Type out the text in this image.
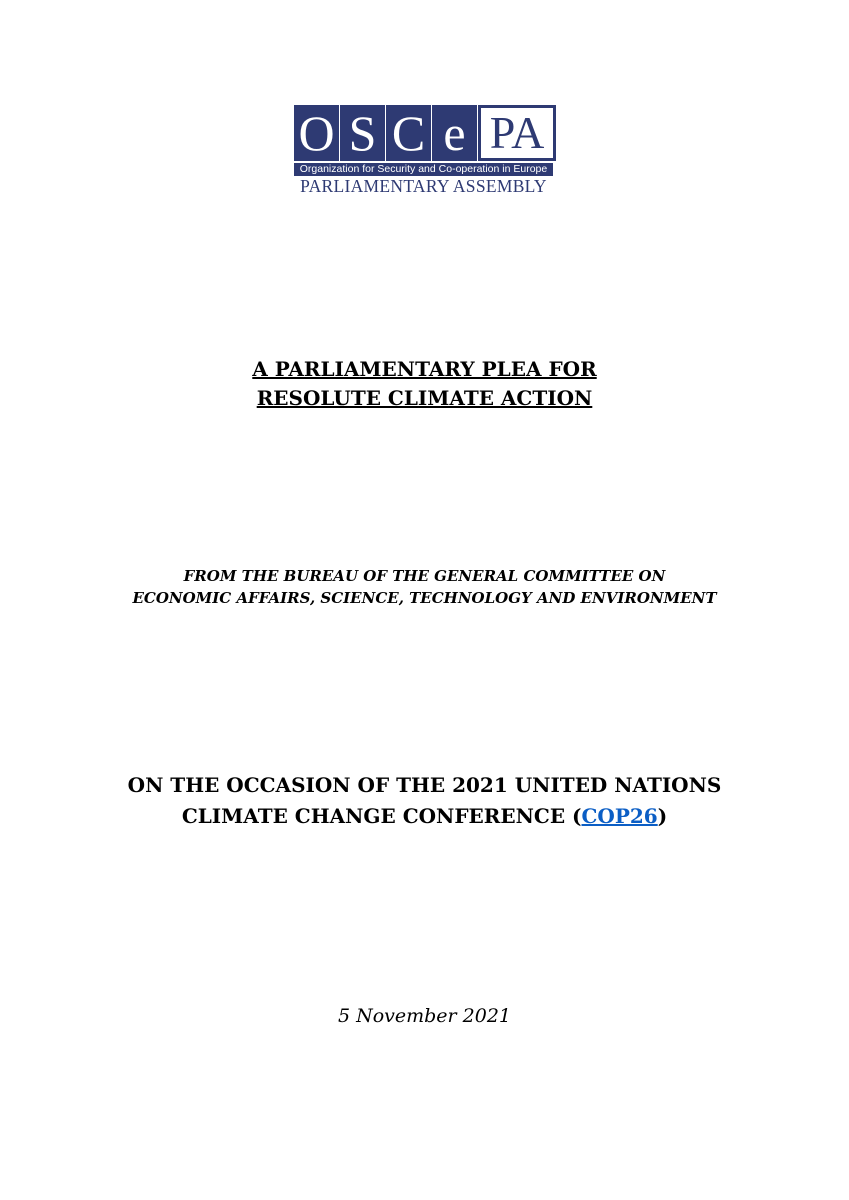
O S C e PA
Organization for Security and Co-operation in Europe
PARLIAMENTARY ASSEMBLY
A PARLIAMENTARY PLEA FOR
RESOLUTE CLIMATE ACTION
FROM THE BUREAU OF THE GENERAL COMMITTEE ON
ECONOMIC AFFAIRS, SCIENCE, TECHNOLOGY AND ENVIRONMENT
ON THE OCCASION OF THE 2021 UNITED NATIONS
CLIMATE CHANGE CONFERENCE (COP26)
5 November 2021
